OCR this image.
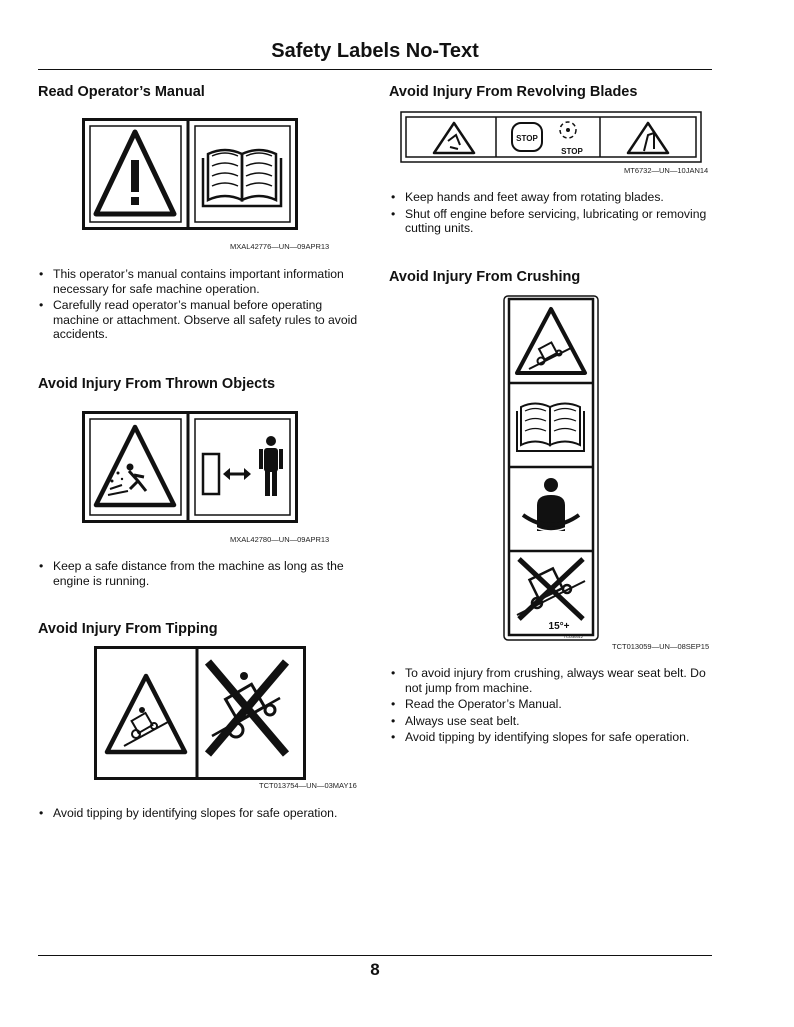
Safety Labels No-Text
Read Operator’s Manual
MXAL42776—UN—09APR13
• This operator’s manual contains important information necessary for safe machine operation.
• Carefully read operator’s manual before operating machine or attachment. Observe all safety rules to avoid accidents.
Avoid Injury From Thrown Objects
MXAL42780—UN—09APR13
• Keep a safe distance from the machine as long as the engine is running.
Avoid Injury From Tipping
TCT013754—UN—03MAY16
• Avoid tipping by identifying slopes for safe operation.
Avoid Injury From Revolving Blades
STOP
STOP
MT6732—UN—10JAN14
• Keep hands and feet away from rotating blades.
• Shut off engine before servicing, lubricating or removing cutting units.
Avoid Injury From Crushing
15°+
TCU30512
TCT013059—UN—08SEP15
• To avoid injury from crushing, always wear seat belt. Do not jump from machine.
• Read the Operator’s Manual.
• Always use seat belt.
• Avoid tipping by identifying slopes for safe operation.
8
